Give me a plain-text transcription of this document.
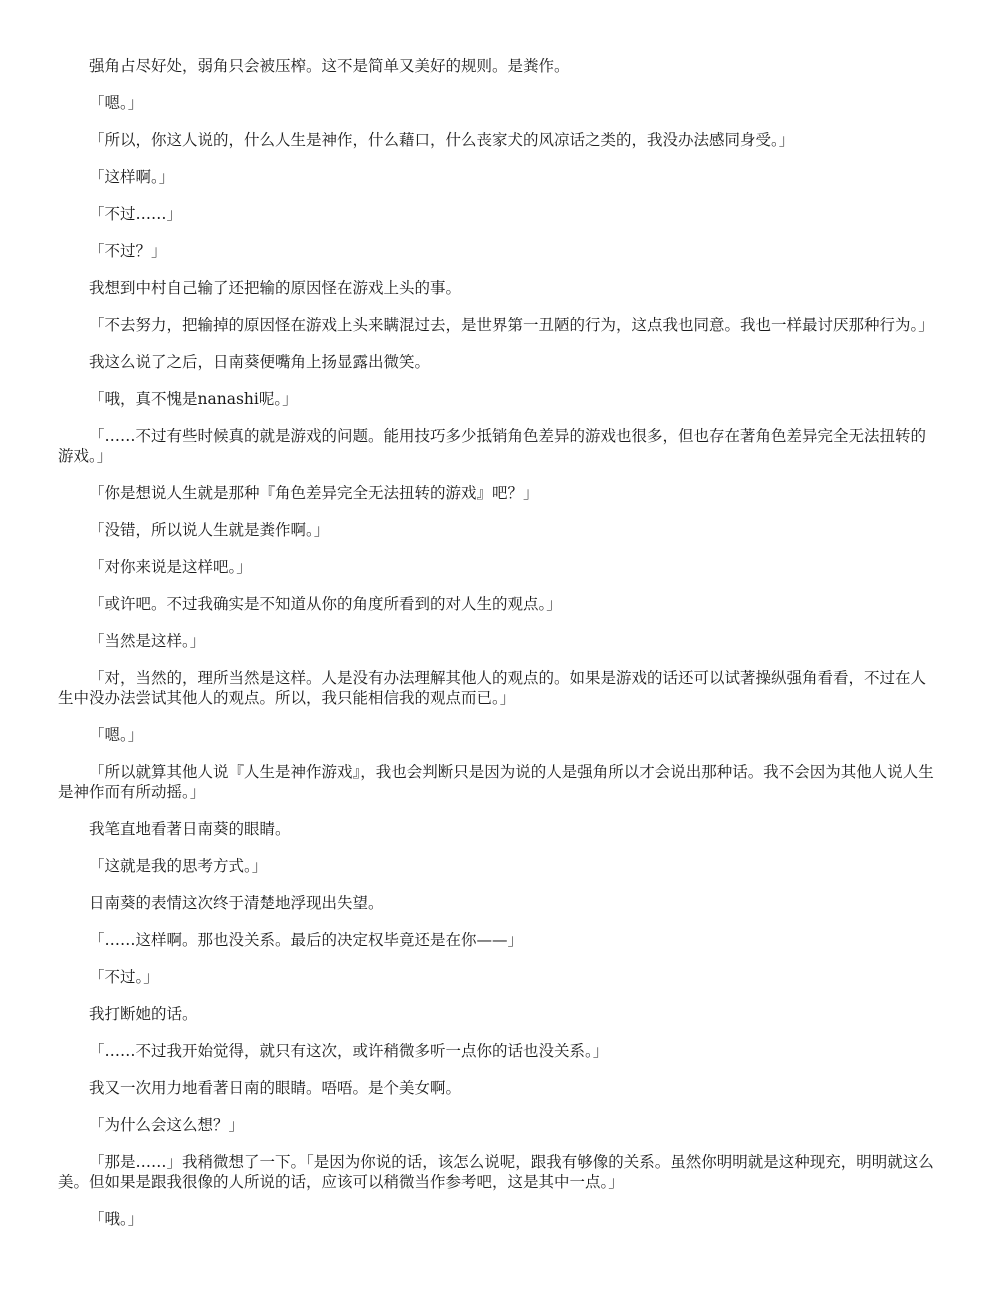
强角占尽好处，弱角只会被压榨。这不是简单又美好的规则。是粪作。

「嗯。」

「所以，你这人说的，什么人生是神作，什么藉口，什么丧家犬的风凉话之类的，我没办法感同身受。」

「这样啊。」

「不过……」

「不过？」

我想到中村自己输了还把输的原因怪在游戏上头的事。

「不去努力，把输掉的原因怪在游戏上头来瞒混过去，是世界第一丑陋的行为，这点我也同意。我也一样最讨厌那种行为。」

我这么说了之后，日南葵便嘴角上扬显露出微笑。

「哦，真不愧是nanashi呢。」

「……不过有些时候真的就是游戏的问题。能用技巧多少抵销角色差异的游戏也很多，但也存在著角色差异完全无法扭转的游戏。」

「你是想说人生就是那种『角色差异完全无法扭转的游戏』吧？」

「没错，所以说人生就是粪作啊。」

「对你来说是这样吧。」

「或许吧。不过我确实是不知道从你的角度所看到的对人生的观点。」

「当然是这样。」

「对，当然的，理所当然是这样。人是没有办法理解其他人的观点的。如果是游戏的话还可以试著操纵强角看看，不过在人生中没办法尝试其他人的观点。所以，我只能相信我的观点而已。」

「嗯。」

「所以就算其他人说『人生是神作游戏』，我也会判断只是因为说的人是强角所以才会说出那种话。我不会因为其他人说人生是神作而有所动摇。」

我笔直地看著日南葵的眼睛。

「这就是我的思考方式。」

日南葵的表情这次终于清楚地浮现出失望。

「……这样啊。那也没关系。最后的决定权毕竟还是在你——」

「不过。」

我打断她的话。

「……不过我开始觉得，就只有这次，或许稍微多听一点你的话也没关系。」

我又一次用力地看著日南的眼睛。唔唔。是个美女啊。

「为什么会这么想？」

「那是……」我稍微想了一下。「是因为你说的话，该怎么说呢，跟我有够像的关系。虽然你明明就是这种现充，明明就这么美。但如果是跟我很像的人所说的话，应该可以稍微当作参考吧，这是其中一点。」

「哦。」
